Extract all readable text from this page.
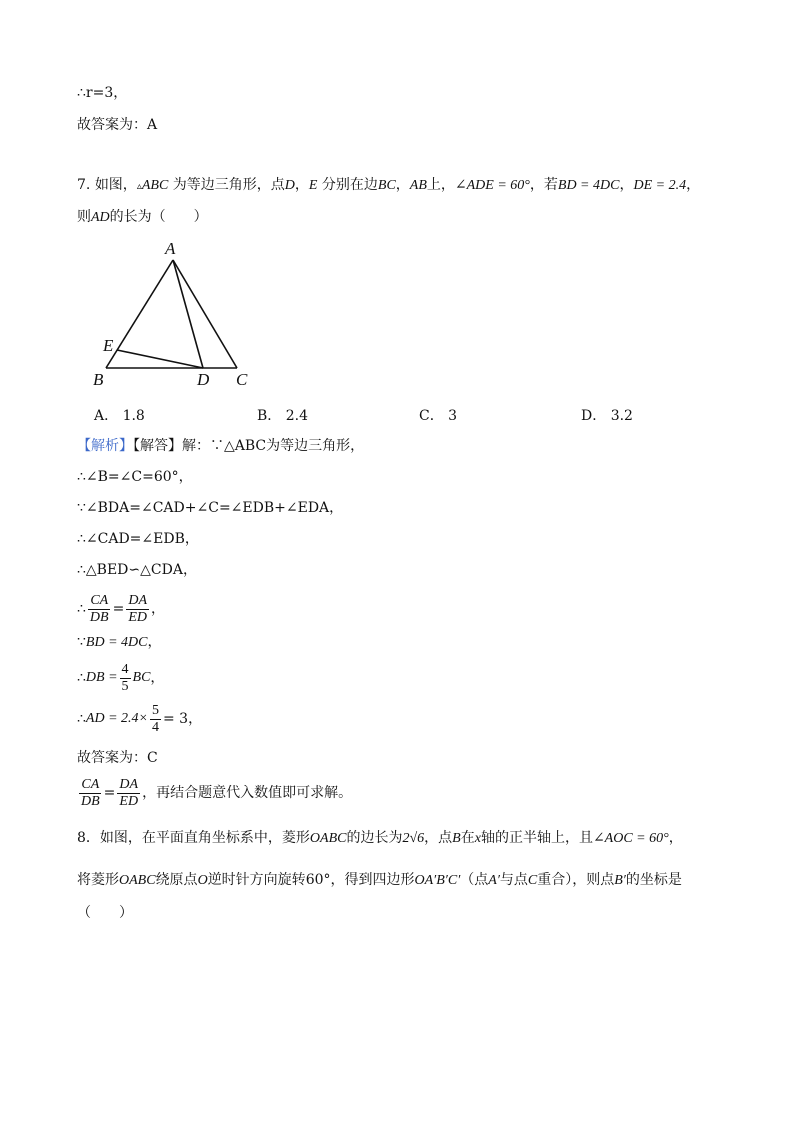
∴r=3，
故答案为：A
7. 如图，▵ABC 为等边三角形，点D，E 分别在边BC，AB上，∠ADE = 60°，若BD = 4DC，DE = 2.4，
则AD的长为（　　）
A
E
B	D C
A． 1.8	B． 2.4	C． 3	D． 3.2
【解析】【解答】解：∵△ABC为等边三角形，
∴∠B=∠C=60°，
∵∠BDA=∠CAD+∠C=∠EDB+∠EDA，
∴∠CAD=∠EDB，
∴△BED∽△CDA，
∴ $\frac{CA}{DB} = \frac{DA}{ED}$ ，
∵BD = 4DC，
∴ DB = $\frac{4}{5}$ BC ，
∴ AD = $2.4\times \frac{5}{4} = 3$ ，
故答案为：C
$\frac{CA}{DB} = \frac{DA}{ED}$ ，再结合题意代入数值即可求解。
8．如图，在平面直角坐标系中，菱形OABC的边长为2√6，点B在x轴的正半轴上，且∠AOC = 60°，
将菱形OABC绕原点O逆时针方向旋转60°，得到四边形OA′B′C′（点A′与点C重合），则点B′的坐标是
（　　）
